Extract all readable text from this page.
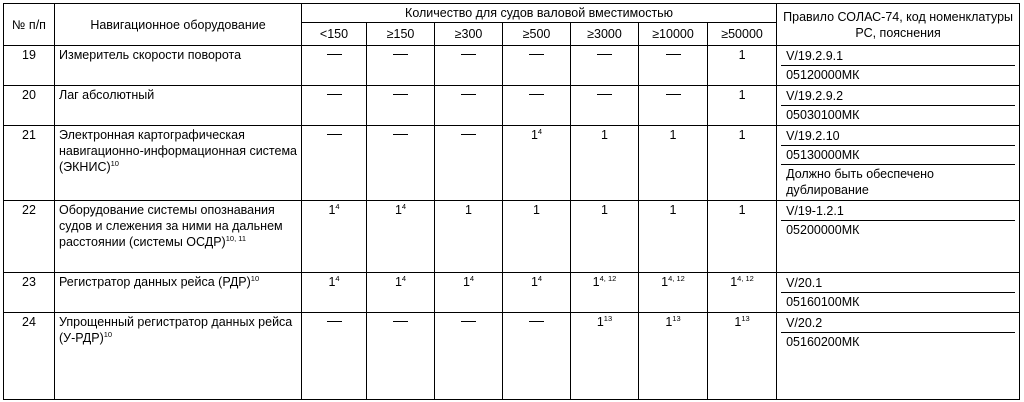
№ п/п	Навигационное оборудование	Количество для судов валовой вместимостью							Правило СОЛАС-74, код номенклатуры РС, пояснения
		<150	≥150	≥300	≥500	≥3000	≥10000	≥50000	
19	Измеритель скорости поворота							1	V/19.2.9.1
05120000МК

20	Лаг абсолютный							1	V/19.2.9.2
05030100МК

21	Электронная картографическая навигационно-информационная система (ЭКНИС)$^{10}$				$1^4$	1	1	1	V/19.2.10
05130000МК
Должно быть обеспечено дублирование

22	Оборудование системы опознавания судов и слежения за ними на дальнем расстоянии (системы ОСДР)$^{10, 11}$	$1^4$	$1^4$	1	1	1	1	1	V/19-1.2.1
05200000МК

23	Регистратор данных рейса (РДР)$^{10}$	$1^4$	$1^4$	$1^4$	$1^4$	1$^{4, 12}$	1$^{4, 12}$	1$^{4, 12}$	V/20.1
05160100МК

24	Упрощенный регистратор данных рейса $(У-РДР)^{10}$					$1^{13}$	$1^{13}$	$1^{13}$	V/20.2
05160200МК
